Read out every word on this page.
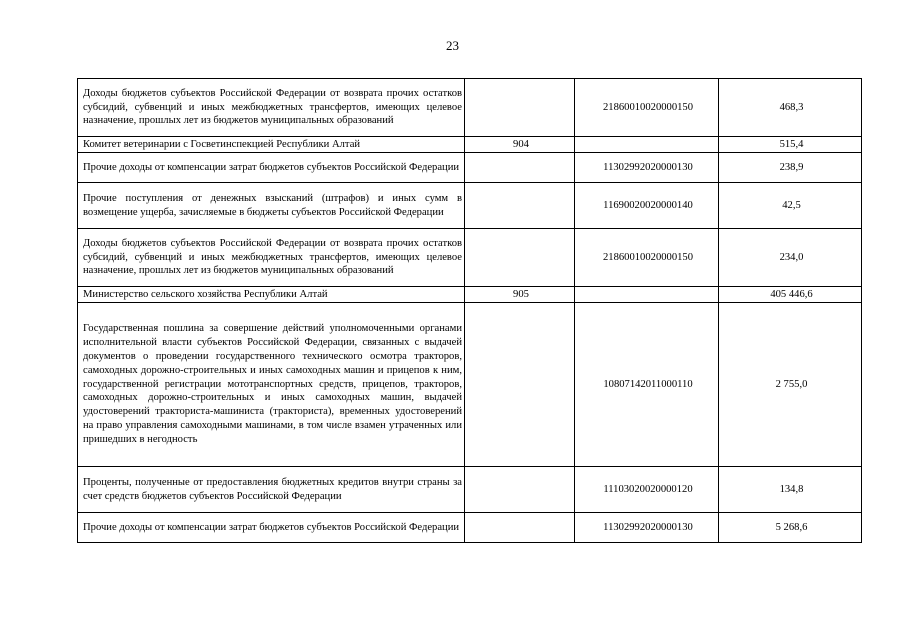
23
Доходы бюджетов субъектов Российской Федерации от возврата прочих остатков субсидий, субвенций и иных межбюджетных трансфертов, имеющих целевое назначение, прошлых лет из бюджетов муниципальных образований		21860010020000150	468,3
Комитет ветеринарии с Госветинспекцией Республики Алтай	904		515,4
Прочие доходы от компенсации затрат бюджетов субъектов Российской Федерации		11302992020000130	238,9
Прочие поступления от денежных взысканий (штрафов) и иных сумм в возмещение ущерба, зачисляемые в бюджеты субъектов Российской Федерации		11690020020000140	42,5
Доходы бюджетов субъектов Российской Федерации от возврата прочих остатков субсидий, субвенций и иных межбюджетных трансфертов, имеющих целевое назначение, прошлых лет из бюджетов муниципальных образований		21860010020000150	234,0
Министерство сельского хозяйства Республики Алтай	905		405 446,6
Государственная пошлина за совершение действий уполномоченными органами исполнительной власти субъектов Российской Федерации, связанных с выдачей документов о проведении государственного технического осмотра тракторов, самоходных дорожно-строительных и иных самоходных машин и прицепов к ним, государственной регистрации мототранспортных средств, прицепов, тракторов, самоходных дорожно-строительных и иных самоходных машин, выдачей удостоверений тракториста-машиниста (тракториста), временных удостоверений на право управления самоходными машинами, в том числе взамен утраченных или пришедших в негодность		10807142011000110	2 755,0
Проценты, полученные от предоставления бюджетных кредитов внутри страны за счет средств бюджетов субъектов Российской Федерации		11103020020000120	134,8
Прочие доходы от компенсации затрат бюджетов субъектов Российской Федерации		11302992020000130	5 268,6
